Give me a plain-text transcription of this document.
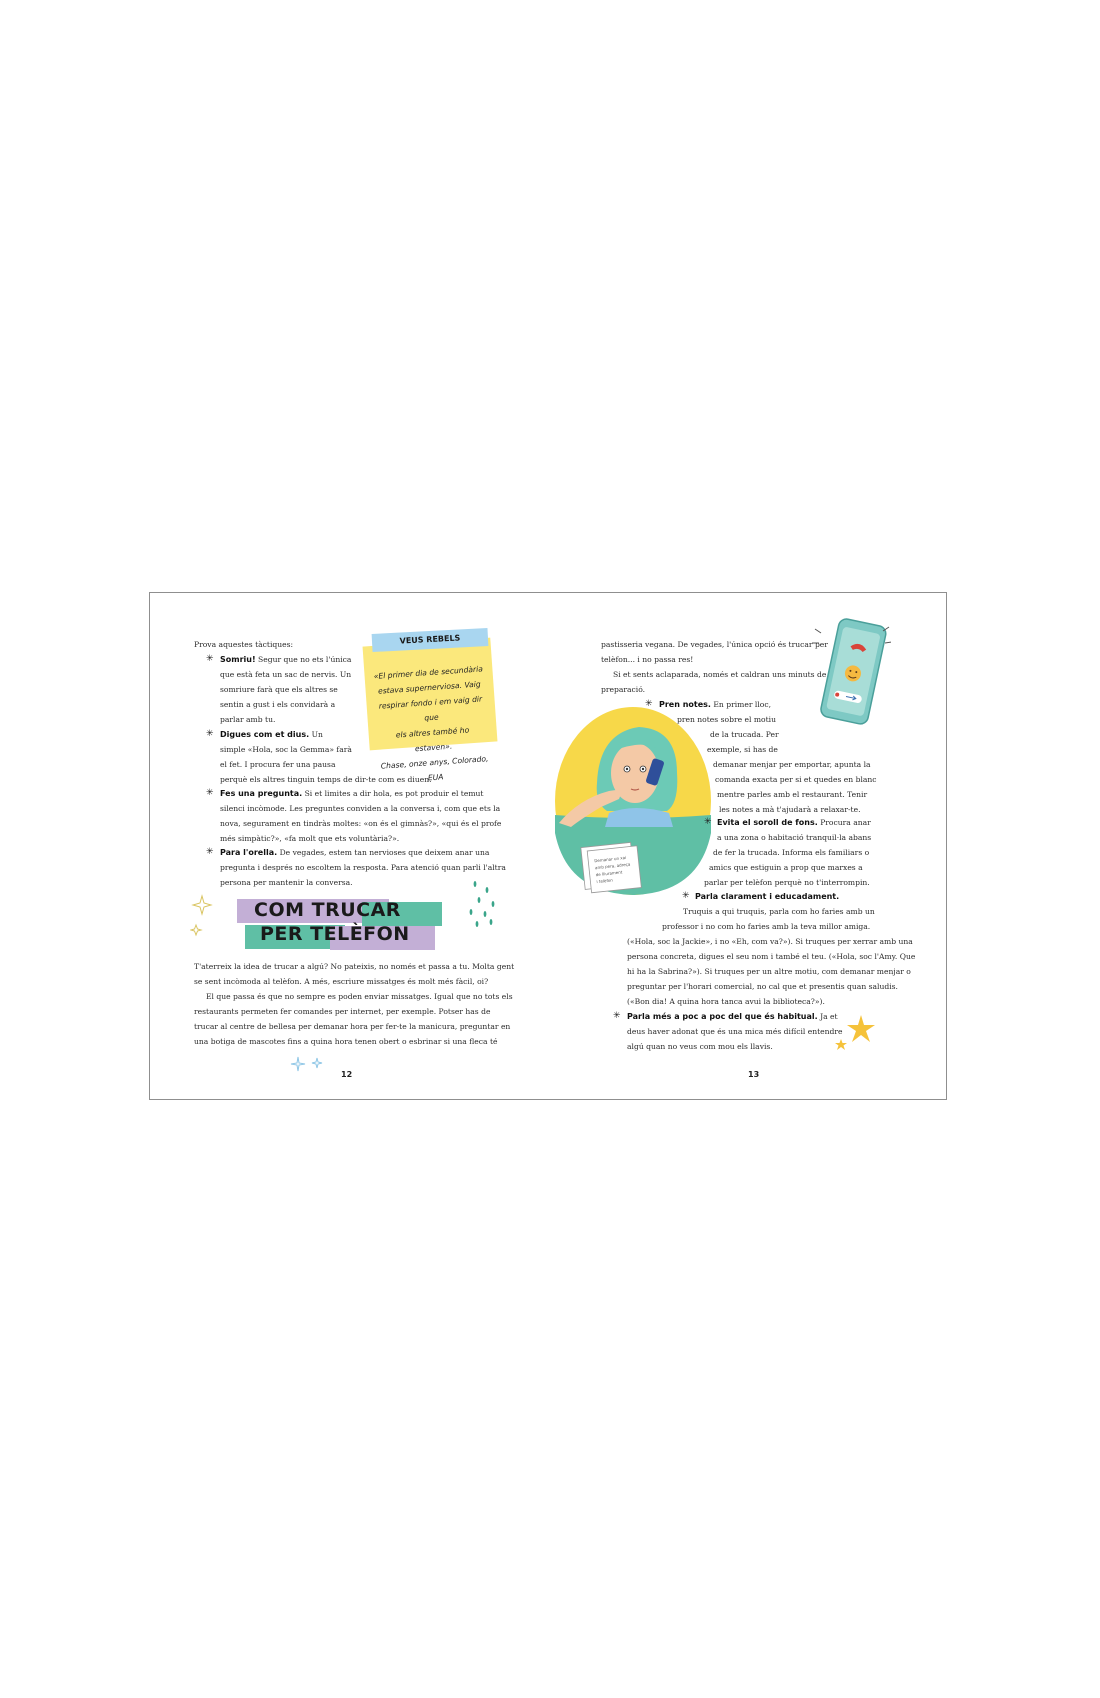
Prova aquestes tàctiques:
✳ Somriu! Segur que no ets l'única
que està feta un sac de nervis. Un
somriure farà que els altres se
sentin a gust i els convidarà a
parlar amb tu.
✳ Digues com et dius. Un
simple «Hola, soc la Gemma» farà
el fet. I procura fer una pausa
perquè els altres tinguin temps de dir-te com es diuen.
✳ Fes una pregunta. Si et limites a dir hola, es pot produir el temut
silenci incòmode. Les preguntes conviden a la conversa i, com que ets la
nova, segurament en tindràs moltes: «on és el gimnàs?», «qui és el profe
més simpàtic?», «fa molt que ets voluntària?».
✳ Para l'orella. De vegades, estem tan nervioses que deixem anar una
pregunta i després no escoltem la resposta. Para atenció quan parli l'altra
persona per mantenir la conversa.
VEUS REBELS
«El primer dia de secundària
estava supernerviosa. Vaig
respirar fondo i em vaig dir que
els altres també ho estaven».
Chase, onze anys, Colorado, EUA
COM TRUCAR
PER TELÈFON
T'aterreix la idea de trucar a algú? No pateixis, no només et passa a tu. Molta gent
se sent incòmoda al telèfon. A més, escriure missatges és molt més fàcil, oi?
El que passa és que no sempre es poden enviar missatges. Igual que no tots els
restaurants permeten fer comandes per internet, per exemple. Potser has de
trucar al centre de bellesa per demanar hora per fer-te la manicura, preguntar en
una botiga de mascotes fins a quina hora tenen obert o esbrinar si una fleca té
12
pastisseria vegana. De vegades, l'única opció és trucar per
telèfon... i no passa res!
Si et sents aclaparada, només et caldran uns minuts de
preparació.
Demanar un xai
amb pera, adreça
de lliurament
i telèfon
✳ Pren notes. En primer lloc,
pren notes sobre el motiu
de la trucada. Per
exemple, si has de
demanar menjar per emportar, apunta la
comanda exacta per si et quedes en blanc
mentre parles amb el restaurant. Tenir
les notes a mà t'ajudarà a relaxar-te.
✳ Evita el soroll de fons. Procura anar
a una zona o habitació tranquil·la abans
de fer la trucada. Informa els familiars o
amics que estiguin a prop que marxes a
parlar per telèfon perquè no t'interrompin.
✳ Parla clarament i educadament.
Truquis a qui truquis, parla com ho faries amb un
professor i no com ho faries amb la teva millor amiga.
(«Hola, soc la Jackie», i no «Eh, com va?»). Si truques per xerrar amb una
persona concreta, digues el seu nom i també el teu. («Hola, soc l'Amy. Que
hi ha la Sabrina?»). Si truques per un altre motiu, com demanar menjar o
preguntar per l'horari comercial, no cal que et presentis quan saludis.
(«Bon dia! A quina hora tanca avui la biblioteca?»).
✳ Parla més a poc a poc del que és habitual. Ja et
deus haver adonat que és una mica més difícil entendre
algú quan no veus com mou els llavis.
13
